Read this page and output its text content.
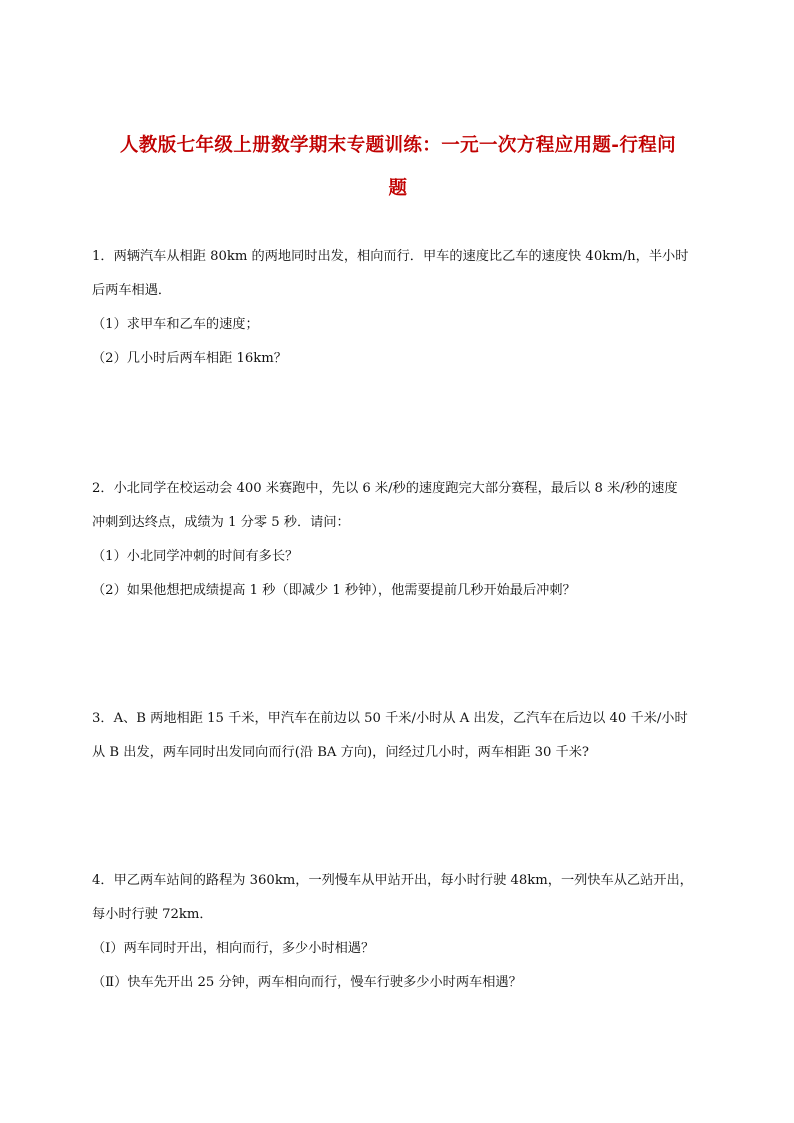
人教版七年级上册数学期末专题训练：一元一次方程应用题-行程问
题
1．两辆汽车从相距 80km 的两地同时出发，相向而行．甲车的速度比乙车的速度快 40km/h，半小时
后两车相遇．
（1）求甲车和乙车的速度；
（2）几小时后两车相距 16km？
2．小北同学在校运动会 400 米赛跑中，先以 6 米/秒的速度跑完大部分赛程，最后以 8 米/秒的速度
冲刺到达终点，成绩为 1 分零 5 秒．请问：
（1）小北同学冲刺的时间有多长？
（2）如果他想把成绩提高 1 秒（即减少 1 秒钟），他需要提前几秒开始最后冲刺？
3．A、B 两地相距 15 千米，甲汽车在前边以 50 千米/小时从 A 出发，乙汽车在后边以 40 千米/小时
从 B 出发，两车同时出发同向而行(沿 BA 方向)，问经过几小时，两车相距 30 千米?
4．甲乙两车站间的路程为 360km，一列慢车从甲站开出，每小时行驶 48km，一列快车从乙站开出，
每小时行驶 72km．
（Ⅰ）两车同时开出，相向而行，多少小时相遇？
（Ⅱ）快车先开出 25 分钟，两车相向而行，慢车行驶多少小时两车相遇？
